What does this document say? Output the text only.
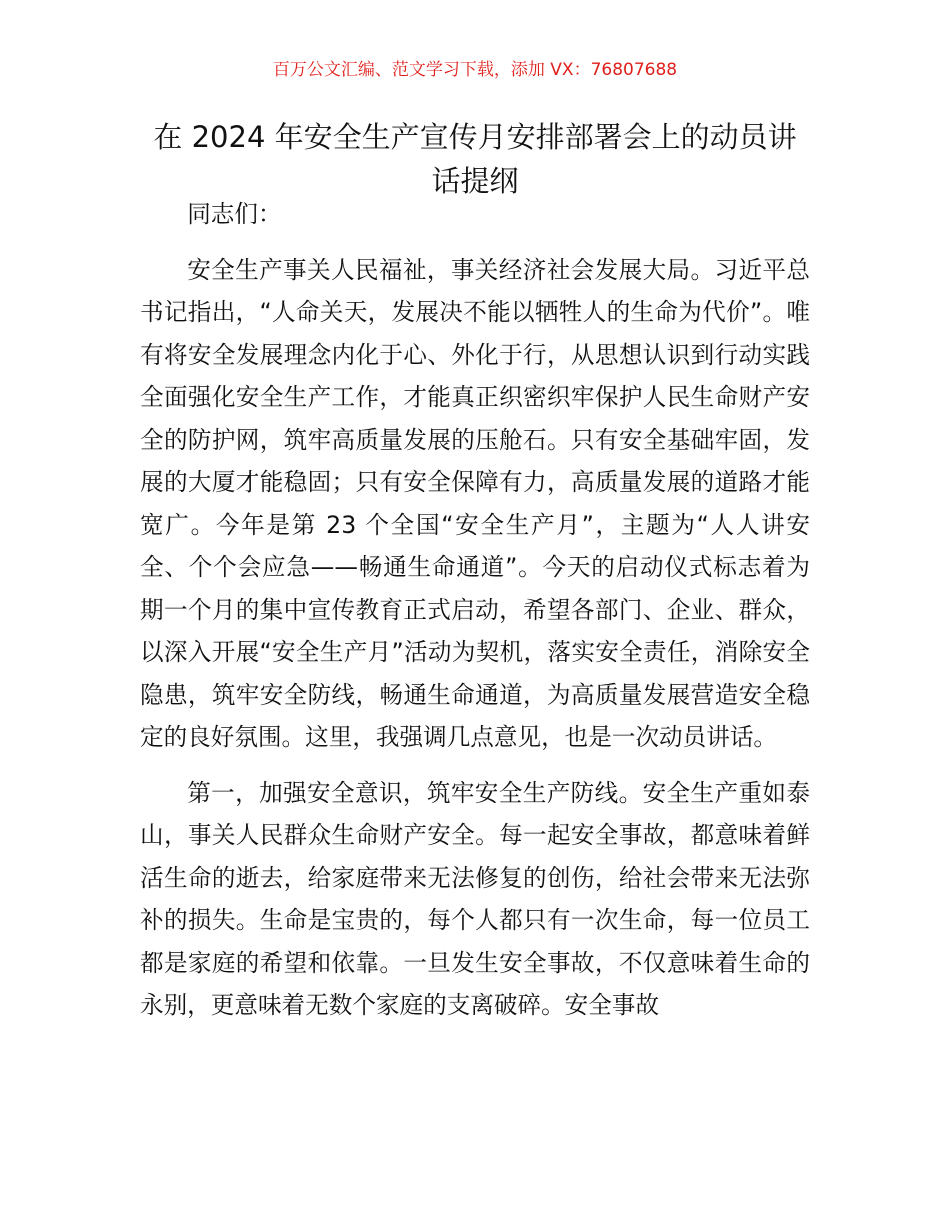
百万公文汇编、范文学习下载，添加 VX：76807688
在 2024 年安全生产宣传月安排部署会上的动员讲话提纲

同志们：

安全生产事关人民福祉，事关经济社会发展大局。习近平总书记指出，“人命关天，发展决不能以牺牲人的生命为代价”。唯有将安全发展理念内化于心、外化于行，从思想认识到行动实践全面强化安全生产工作，才能真正织密织牢保护人民生命财产安全的防护网，筑牢高质量发展的压舱石。只有安全基础牢固，发展的大厦才能稳固；只有安全保障有力，高质量发展的道路才能宽广。今年是第 23 个全国“安全生产月”，主题为“人人讲安全、个个会应急——畅通生命通道”。今天的启动仪式标志着为期一个月的集中宣传教育正式启动，希望各部门、企业、群众，以深入开展“安全生产月”活动为契机，落实安全责任，消除安全隐患，筑牢安全防线，畅通生命通道，为高质量发展营造安全稳定的良好氛围。这里，我强调几点意见，也是一次动员讲话。

第一，加强安全意识，筑牢安全生产防线。安全生产重如泰山，事关人民群众生命财产安全。每一起安全事故，都意味着鲜活生命的逝去，给家庭带来无法修复的创伤，给社会带来无法弥补的损失。生命是宝贵的，每个人都只有一次生命，每一位员工都是家庭的希望和依靠。一旦发生安全事故，不仅意味着生命的永别，更意味着无数个家庭的支离破碎。安全事故
